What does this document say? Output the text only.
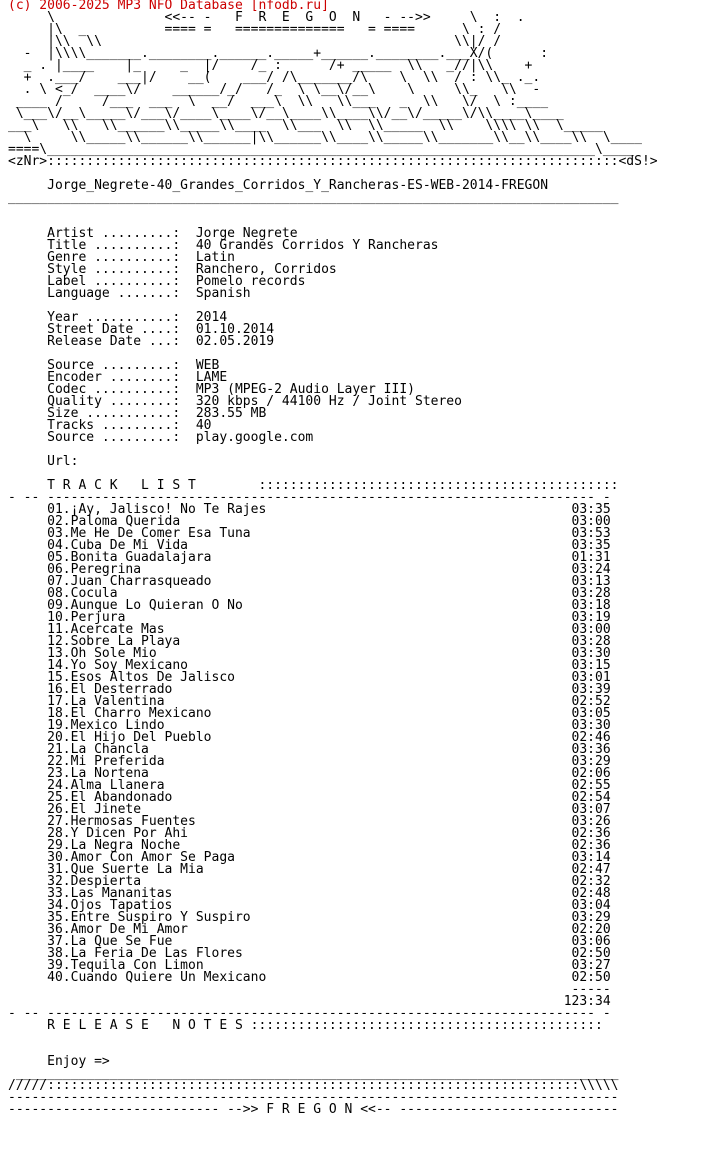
(c) 2006-2025 MP3 NFO Database [nfodb.ru]
\              <<-- -   F  R  E  G  O  N   - -->>     \  :  .
|\  _          ==== =   ==============   = ====      \ : /
|\\  \\                                             \\|/ /
-  |\\\\_______.________.______._____+______.________.___X/(      :
_ . |____    |_     _  |/    /_ :      /+ _____  \\   _//|\\    +
+  .___/    ___|/    __(    ___/ /\_______/\    \  \\  / : \\_ ._.
. \ <_/  ____\/    ______/_/   /_  \ \__\/__\    \     \\_   \\  -
____ /     /___  ___  \  __/  ___\  \\   \\___   _  \\   \/  \ :____
\___\/__\_____\/___\/____\____\/__\____\\____\\/__\/_____\/\\____\____
___\   \\   \\______\\_____\\____  \\___  \\  \\_____  \\    \\\\ \\  \_____
\     \\_____\\______\\______|\\______\\____\\_____\\_______\\__\\____\\  \____
====\______________________________________________________________________\____
<zNr>:::::::::::::::::::::::::::::::::::::::::::::::::::::::::::::::::::::::::<dS!>

Jorge_Negrete-40_Grandes_Corridos_Y_Rancheras-ES-WEB-2014-FREGON
______________________________________________________________________________

Artist .........:  Jorge Negrete
Title ..........:  40 Grandes Corridos Y Rancheras
Genre ..........:  Latin
Style ..........:  Ranchero, Corridos
Label ..........:  Pomelo records
Language .......:  Spanish

Year ...........:  2014
Street Date ....:  01.10.2014
Release Date ...:  02.05.2019

Source .........:  WEB
Encoder ........:  LAME
Codec ..........:  MP3 (MPEG-2 Audio Layer III)
Quality ........:  320 kbps / 44100 Hz / Joint Stereo
Size ...........:  283.55 MB
Tracks .........:  40
Source .........:  play.google.com

Url:

T R A C K   L I S T        ::::::::::::::::::::::::::::::::::::::::::::::
- -- ---------------------------------------------------------------------- -
01.¡Ay, Jalisco! No Te Rajes                                       03:35
02.Paloma Querida                                                  03:00
03.Me He De Comer Esa Tuna                                         03:53
04.Cuba De Mi Vida                                                 03:35
05.Bonita Guadalajara                                              01:31
06.Peregrina                                                       03:24
07.Juan Charrasqueado                                              03:13
08.Cocula                                                          03:28
09.Aunque Lo Quieran O No                                          03:18
10.Perjura                                                         03:19
11.Acercate Mas                                                    03:00
12.Sobre La Playa                                                  03:28
13.Oh Sole Mio                                                     03:30
14.Yo Soy Mexicano                                                 03:15
15.Esos Altos De Jalisco                                           03:01
16.El Desterrado                                                   03:39
17.La Valentina                                                    02:52
18.El Charro Mexicano                                              03:05
19.Mexico Lindo                                                    03:30
20.El Hijo Del Pueblo                                              02:46
21.La Chancla                                                      03:36
22.Mi Preferida                                                    03:29
23.La Nortena                                                      02:06
24.Alma Llanera                                                    02:55
25.El Abandonado                                                   02:54
26.El Jinete                                                       03:07
27.Hermosas Fuentes                                                03:26
28.Y Dicen Por Ahi                                                 02:36
29.La Negra Noche                                                  02:36
30.Amor Con Amor Se Paga                                           03:14
31.Que Suerte La Mia                                               02:47
32.Despierta                                                       02:32
33.Las Mananitas                                                   02:48
34.Ojos Tapatios                                                   03:04
35.Entre Suspiro Y Suspiro                                         03:29
36.Amor De Mi Amor                                                 02:20
37.La Que Se Fue                                                   03:06
38.La Feria De Las Flores                                          02:50
39.Tequila Con Limon                                               03:27
40.Cuando Quiere Un Mexicano                                       02:50
-----
123:34
- -- ---------------------------------------------------------------------- -
R E L E A S E   N O T E S :::::::::::::::::::::::::::::::::::::::::::::

Enjoy =>
_____________________________________________________________________________
/////::::::::::::::::::::::::::::::::::::::::::::::::::::::::::::::::::::\\\\\
------------------------------------------------------------------------------
--------------------------- -->> F R E G O N <<-- ----------------------------
